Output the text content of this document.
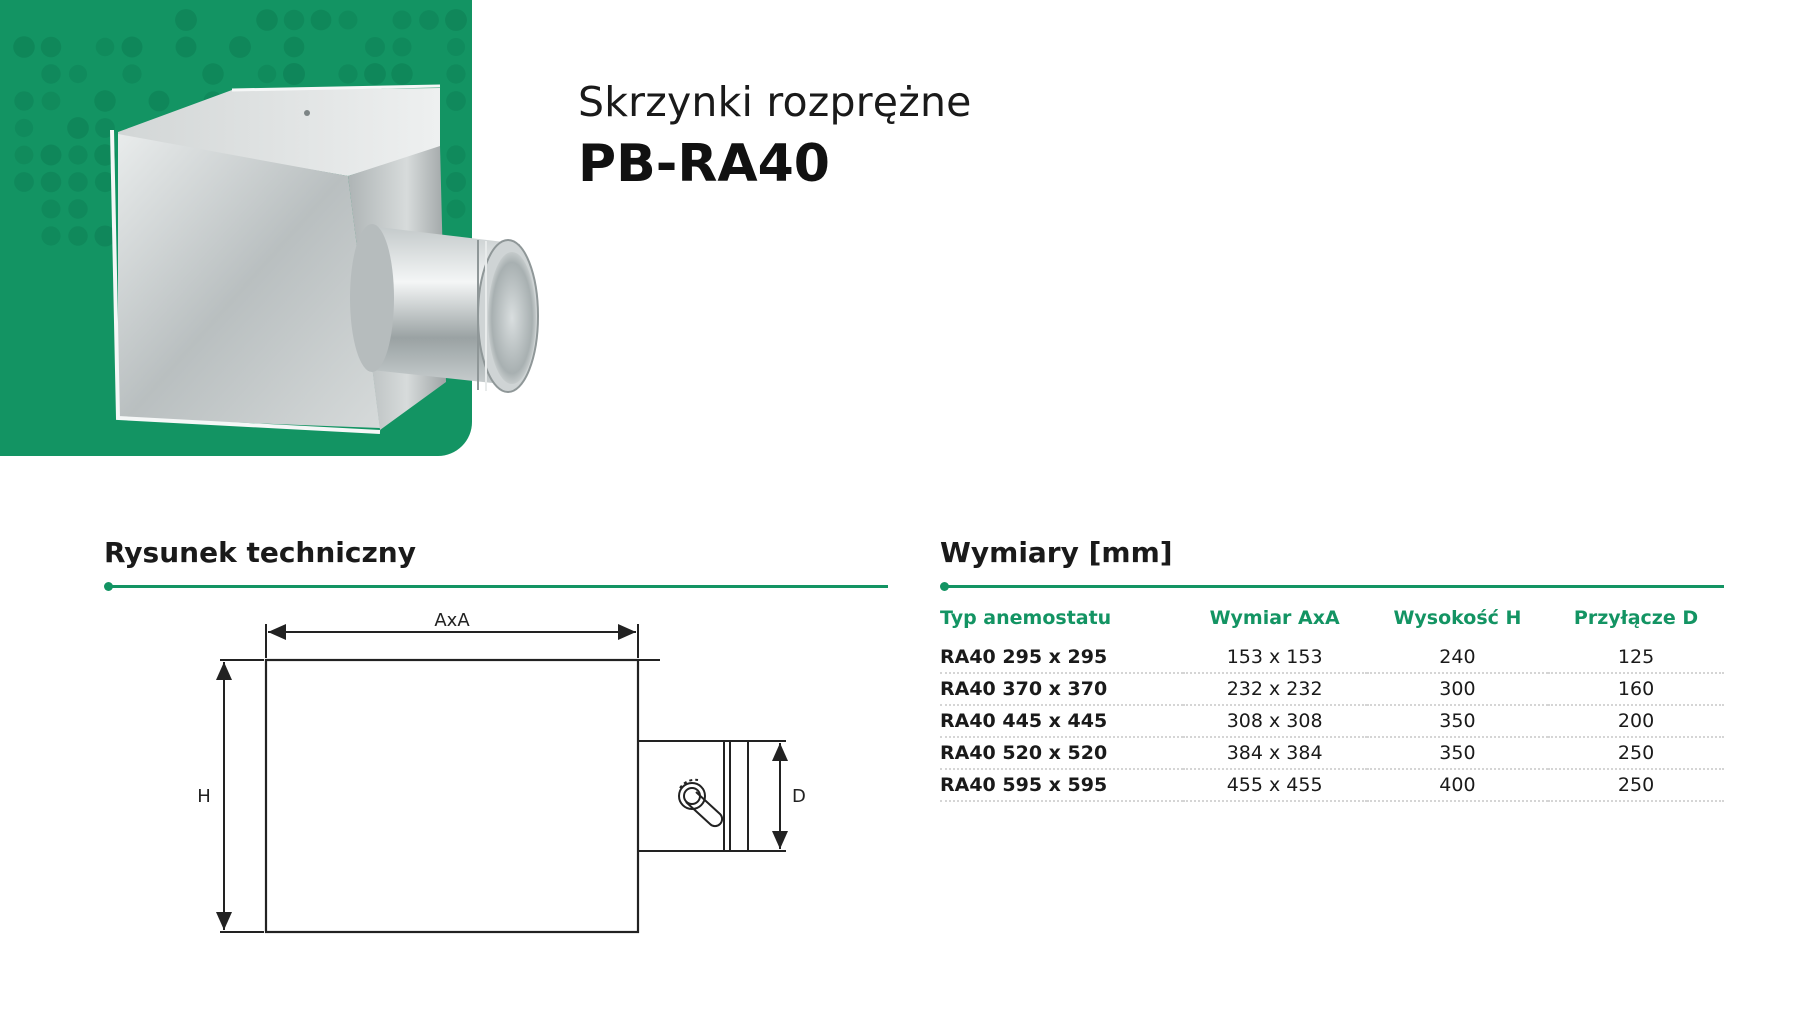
Skrzynki rozprężne
PB-RA40
Rysunek techniczny
AxA
H	D
Wymiary [mm]
Typ anemostatu	Wymiar AxA	Wysokość H	Przyłącze D
RA40 295 x 295	153 x 153	240	125
RA40 370 x 370	232 x 232	300	160
RA40 445 x 445	308 x 308	350	200
RA40 520 x 520	384 x 384	350	250
RA40 595 x 595	455 x 455	400	250
